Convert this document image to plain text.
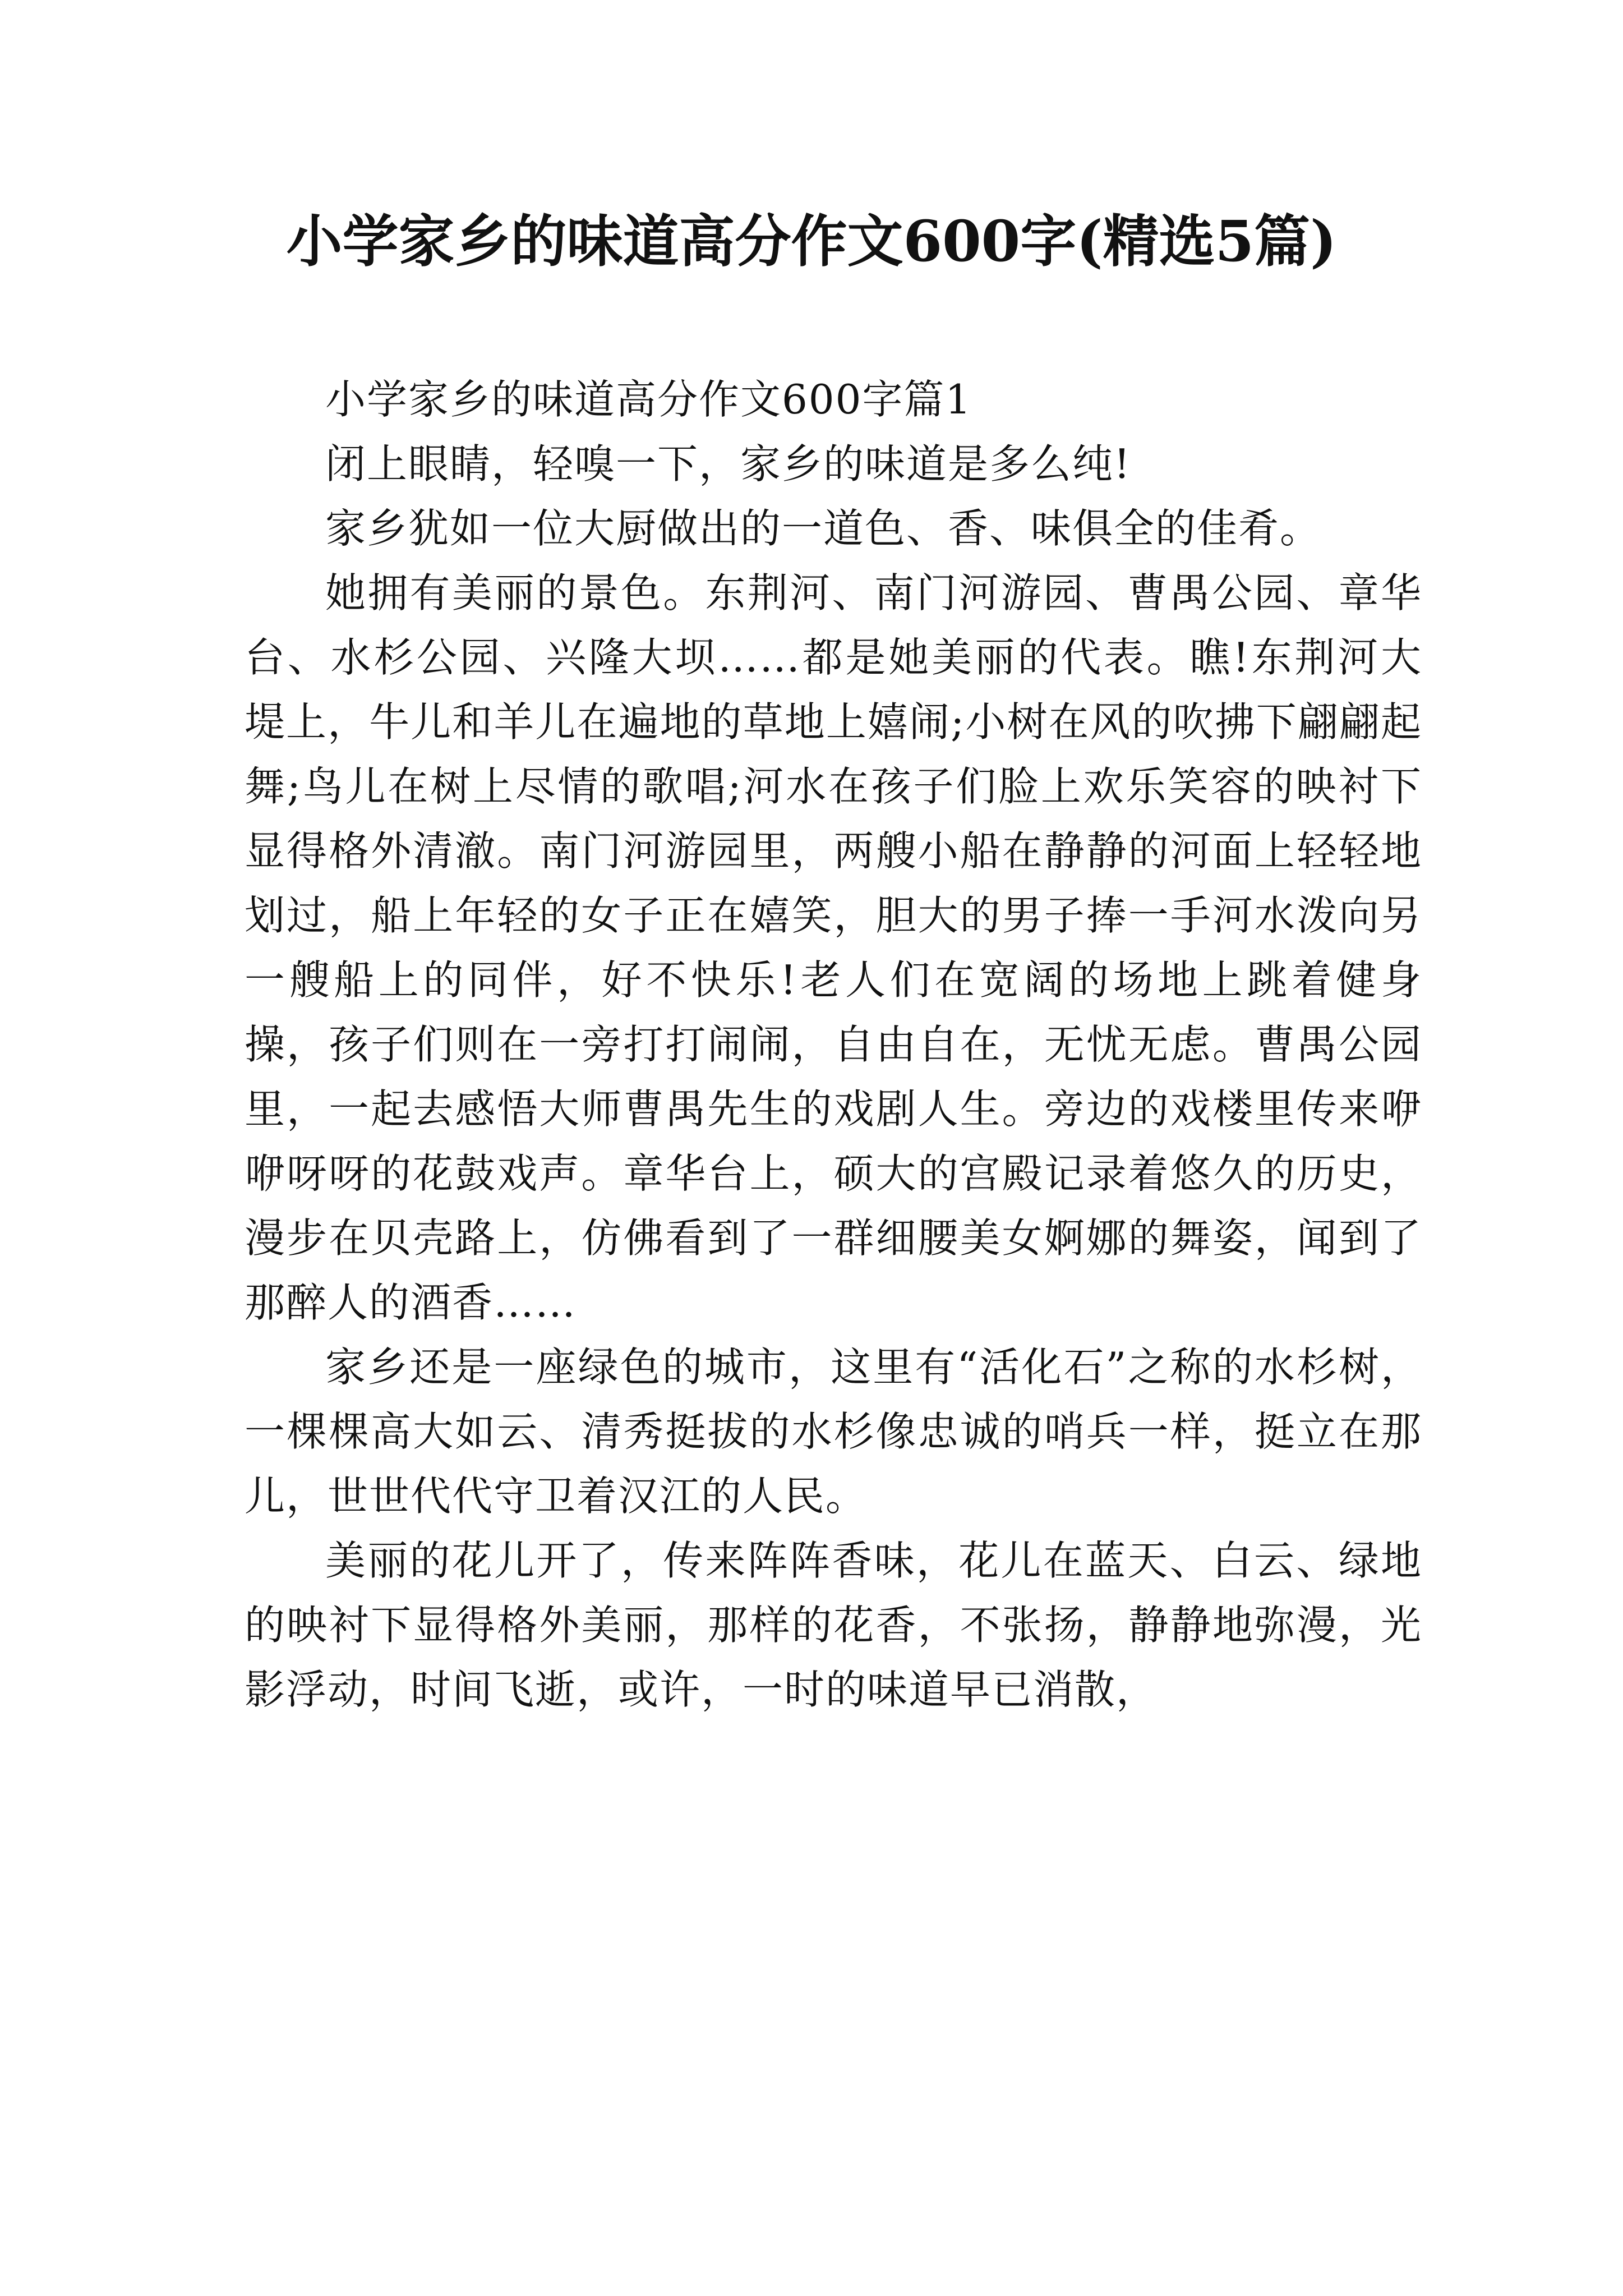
小学家乡的味道高分作文600字(精选5篇)

小学家乡的味道高分作文600字篇1

闭上眼睛，轻嗅一下，家乡的味道是多么纯!

家乡犹如一位大厨做出的一道色、香、味俱全的佳肴。

她拥有美丽的景色。东荆河、南门河游园、曹禺公园、章华台、水杉公园、兴隆大坝……都是她美丽的代表。瞧!东荆河大堤上，牛儿和羊儿在遍地的草地上嬉闹;小树在风的吹拂下翩翩起舞;鸟儿在树上尽情的歌唱;河水在孩子们脸上欢乐笑容的映衬下显得格外清澈。南门河游园里，两艘小船在静静的河面上轻轻地划过，船上年轻的女子正在嬉笑，胆大的男子捧一手河水泼向另一艘船上的同伴，好不快乐!老人们在宽阔的场地上跳着健身操，孩子们则在一旁打打闹闹，自由自在，无忧无虑。曹禺公园里，一起去感悟大师曹禺先生的戏剧人生。旁边的戏楼里传来咿咿呀呀的花鼓戏声。章华台上，硕大的宫殿记录着悠久的历史，漫步在贝壳路上，仿佛看到了一群细腰美女婀娜的舞姿，闻到了那醉人的酒香……

家乡还是一座绿色的城市，这里有“活化石”之称的水杉树，一棵棵高大如云、清秀挺拔的水杉像忠诚的哨兵一样，挺立在那儿，世世代代守卫着汉江的人民。

美丽的花儿开了，传来阵阵香味，花儿在蓝天、白云、绿地的映衬下显得格外美丽，那样的花香，不张扬，静静地弥漫，光影浮动，时间飞逝，或许，一时的味道早已消散，
